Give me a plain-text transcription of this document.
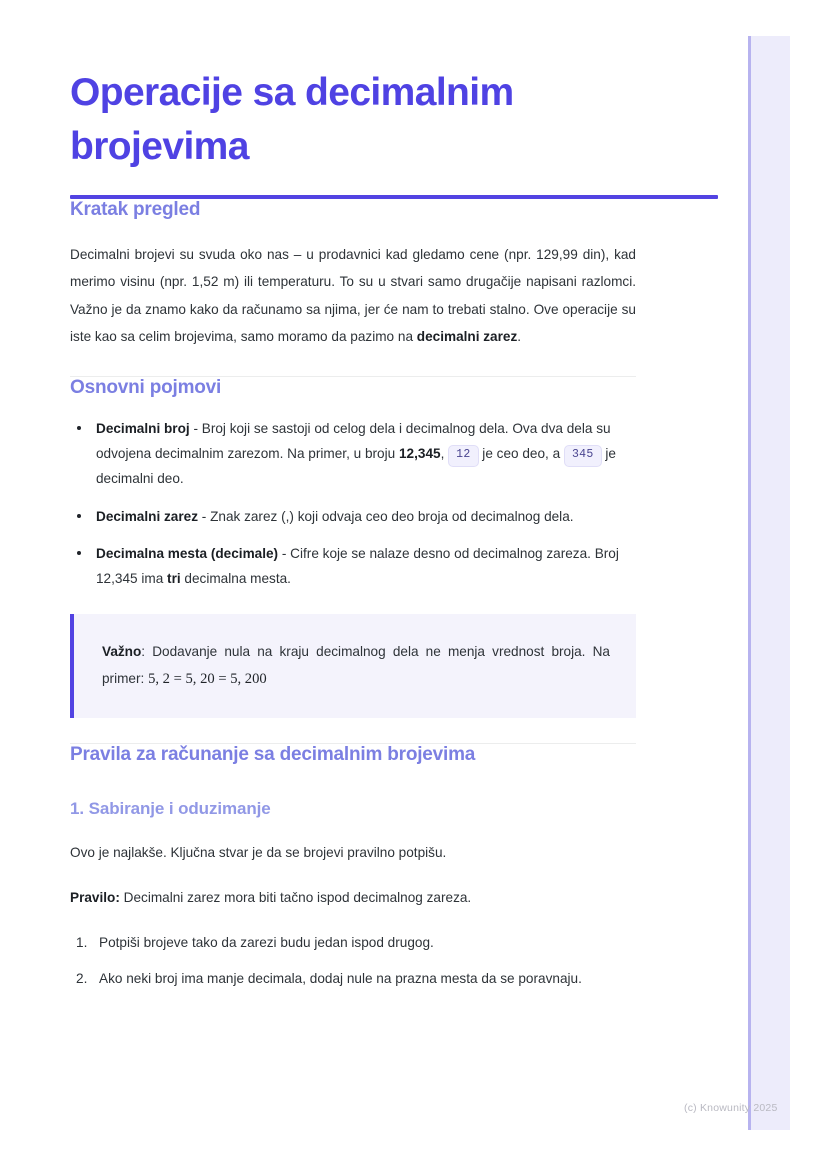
(c) Knowunity 2025
Operacije sa decimalnim brojevima
Kratak pregled

Decimalni brojevi su svuda oko nas – u prodavnici kad gledamo cene (npr. 129,99 din), kad merimo visinu (npr. 1,52 m) ili temperaturu. To su u stvari samo drugačije napisani razlomci. Važno je da znamo kako da računamo sa njima, jer će nam to trebati stalno. Ove operacije su iste kao sa celim brojevima, samo moramo da pazimo na decimalni zarez.

Osnovni pojmovi
Decimalni broj - Broj koji se sastoji od celog dela i decimalnog dela. Ova dva dela su odvojena decimalnim zarezom. Na primer, u broju 12,345, 12 je ceo deo, a 345 je decimalni deo.
Decimalni zarez - Znak zarez (,) koji odvaja ceo deo broja od decimalnog dela.
Decimalna mesta (decimale) - Cifre koje se nalaze desno od decimalnog zareza. Broj 12,345 ima tri decimalna mesta.

Važno: Dodavanje nula na kraju decimalnog dela ne menja vrednost broja. Na primer: 5, 2 = 5, 20 = 5, 200

Pravila za računanje sa decimalnim brojevima
1. Sabiranje i oduzimanje

Ovo je najlakše. Ključna stvar je da se brojevi pravilno potpišu.

Pravilo: Decimalni zarez mora biti tačno ispod decimalnog zareza.

Potpiši brojeve tako da zarezi budu jedan ispod drugog.
Ako neki broj ima manje decimala, dodaj nule na prazna mesta da se poravnaju.
